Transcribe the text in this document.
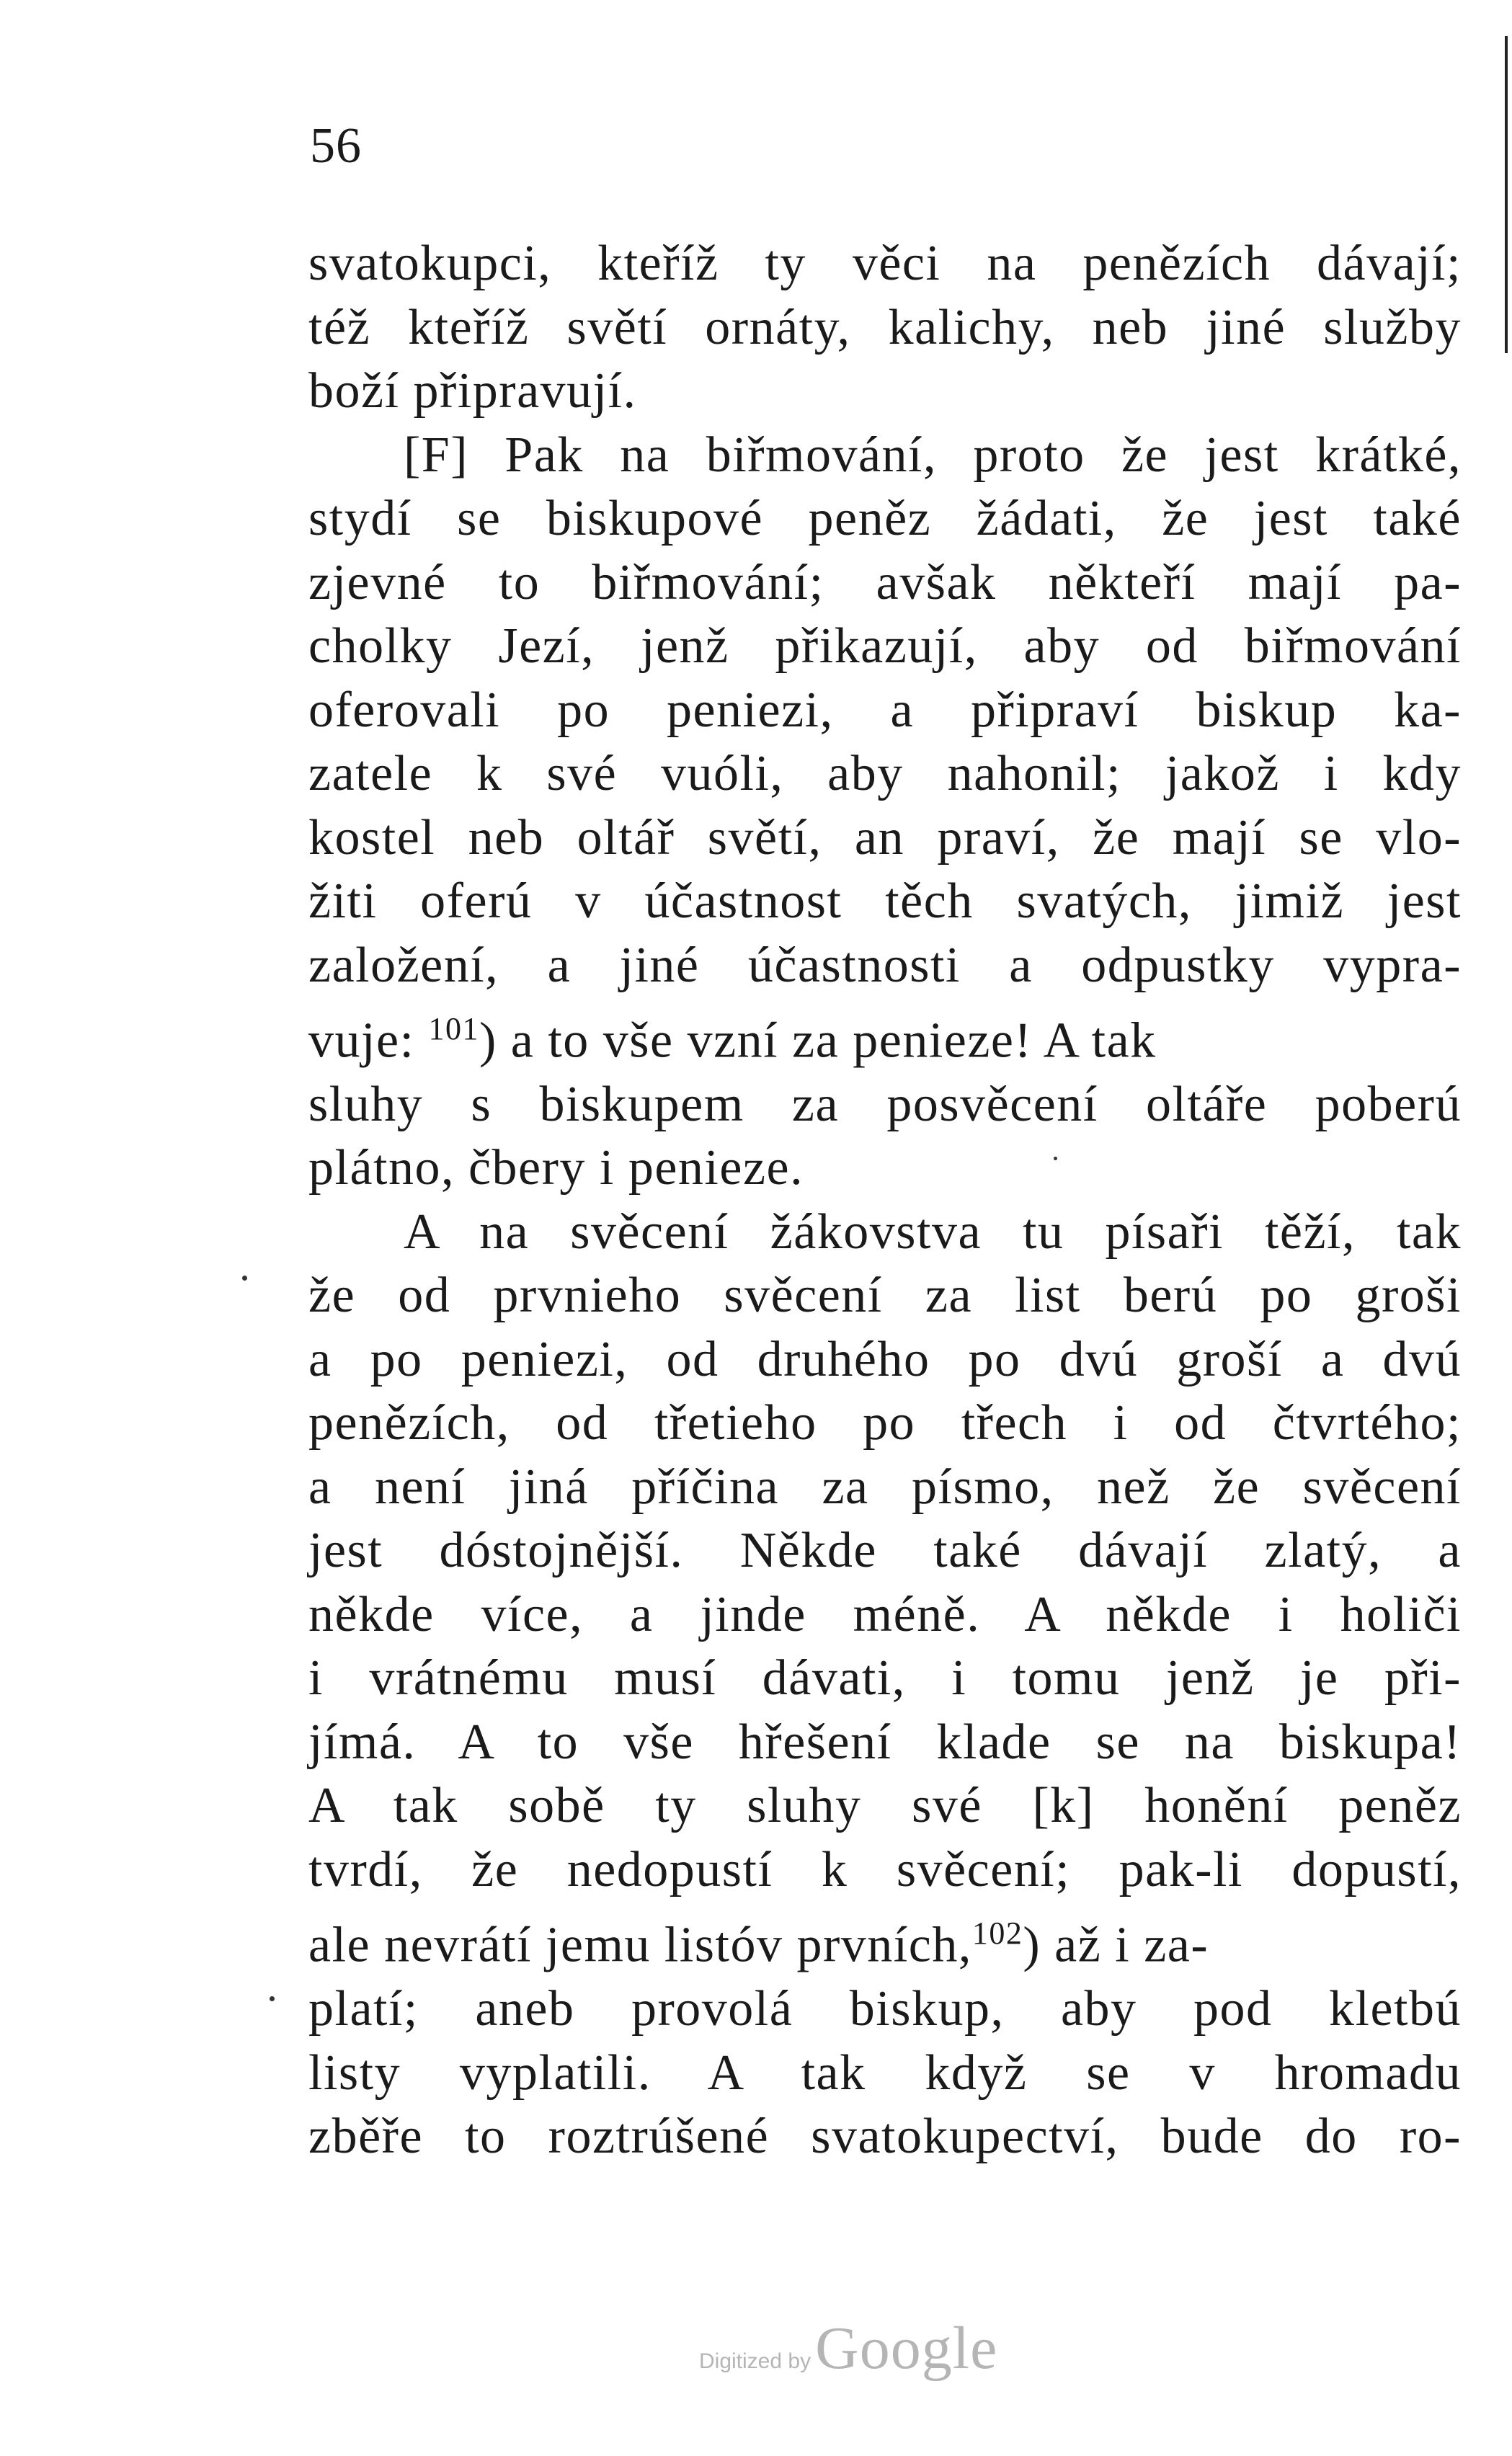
56
svatokupci, kteříž ty věci na penězích dávají;
též kteříž světí ornáty, kalichy, neb jiné služby
boží připravují.
[F] Pak na biřmování, proto že jest krátké,
stydí se biskupové peněz žádati, že jest také
zjevné to biřmování; avšak někteří mají pa-
cholky Jezí, jenž přikazují, aby od biřmování
oferovali po peniezi, a připraví biskup ka-
zatele k své vuóli, aby nahonil; jakož i kdy
kostel neb oltář světí, an praví, že mají se vlo-
žiti oferú v účastnost těch svatých, jimiž jest
založení, a jiné účastnosti a odpustky vypra-
vuje: $^{101}$) a to vše vzní za penieze! A tak
sluhy s biskupem za posvěcení oltáře poberú
plátno, čbery i penieze.
A na svěcení žákovstva tu písaři těží, tak
že od prvnieho svěcení za list berú po groši
a po peniezi, od druhého po dvú groší a dvú
penězích, od třetieho po třech i od čtvrtého;
a není jiná příčina za písmo, než že svěcení
jest dóstojnější. Někde také dávají zlatý, a
někde více, a jinde méně. A někde i holiči
i vrátnému musí dávati, i tomu jenž je při-
jímá. A to vše hřešení klade se na biskupa!
A tak sobě ty sluhy své [k] honění peněz
tvrdí, že nedopustí k svěcení; pak-li dopustí,
ale nevrátí jemu listóv prvních,$^{102}$) až i za-
platí; aneb provolá biskup, aby pod kletbú
listy vyplatili. A tak když se v hromadu
zběře to roztrúšené svatokupectví, bude do ro-
Digitized by Google
